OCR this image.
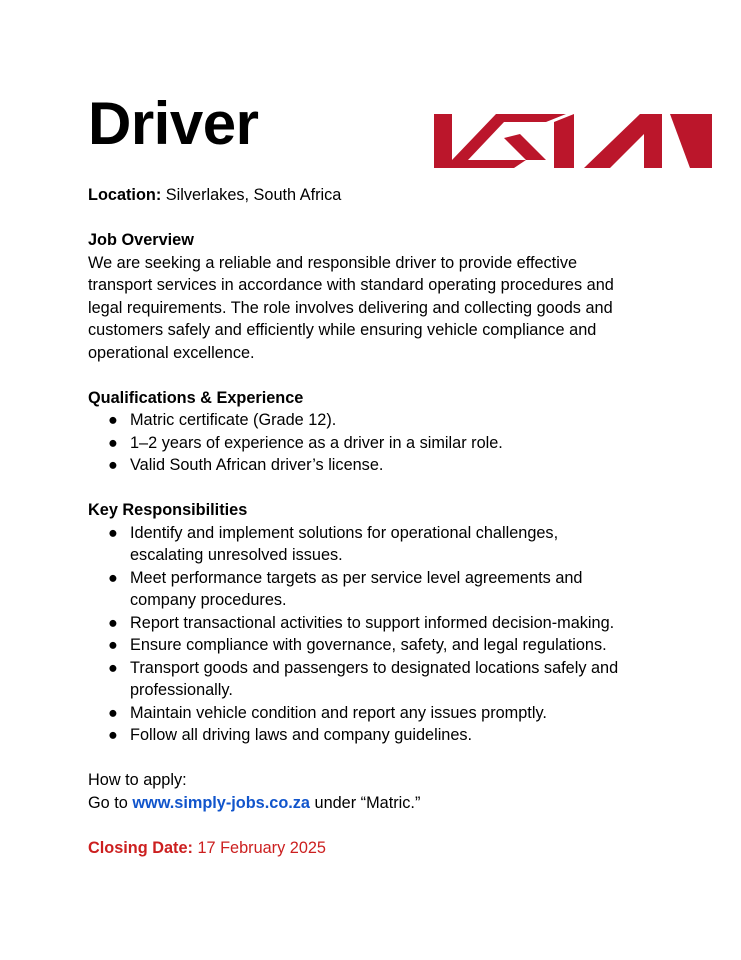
Driver
Location: Silverlakes, South Africa
Job Overview
We are seeking a reliable and responsible driver to provide effective
transport services in accordance with standard operating procedures and
legal requirements. The role involves delivering and collecting goods and
customers safely and efficiently while ensuring vehicle compliance and
operational excellence.
Qualifications & Experience
● Matric certificate (Grade 12).
● 1–2 years of experience as a driver in a similar role.
● Valid South African driver’s license.
Key Responsibilities
● Identify and implement solutions for operational challenges,
escalating unresolved issues.
● Meet performance targets as per service level agreements and
company procedures.
● Report transactional activities to support informed decision-making.
● Ensure compliance with governance, safety, and legal regulations.
● Transport goods and passengers to designated locations safely and
professionally.
● Maintain vehicle condition and report any issues promptly.
● Follow all driving laws and company guidelines.
How to apply:
Go to www.simply-jobs.co.za under “Matric.”
Closing Date: 17 February 2025
